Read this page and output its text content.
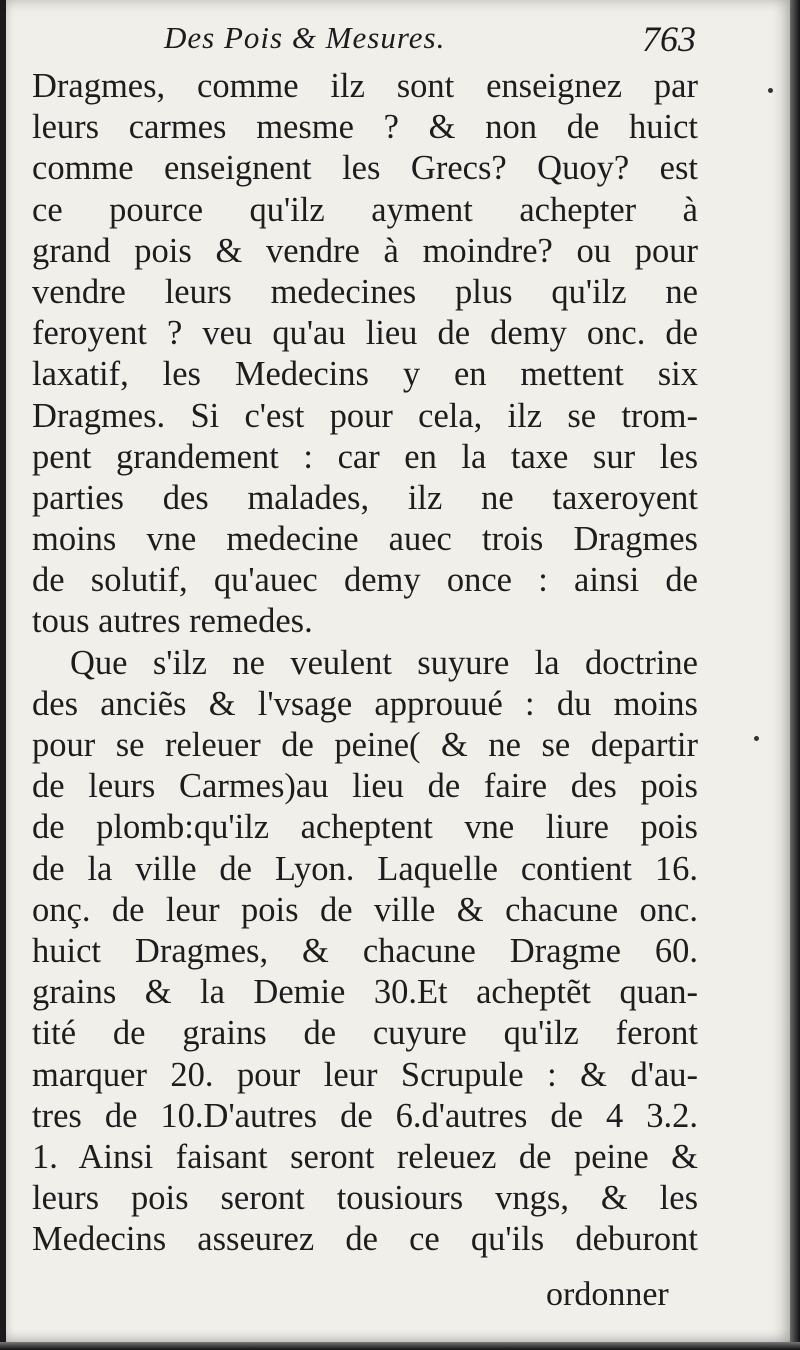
Des Pois & Mesures.	763
Dragmes, comme ilz sont enseignez par
leurs carmes mesme ? & non de huict
comme enseignent les Grecs? Quoy? est
ce pource qu'ilz ayment achepter à
grand pois & vendre à moindre? ou pour
vendre leurs medecines plus qu'ilz ne
feroyent ? veu qu'au lieu de demy onc. de
laxatif, les Medecins y en mettent six
Dragmes. Si c'est pour cela, ilz se trom-
pent grandement : car en la taxe sur les
parties des malades, ilz ne taxeroyent
moins vne medecine auec trois Dragmes
de solutif, qu'auec demy once : ainsi de
tous autres remedes.
Que s'ilz ne veulent suyure la doctrine
des anciẽs & l'vsage approuué : du moins
pour se releuer de peine( & ne se departir
de leurs Carmes)au lieu de faire des pois
de plomb:qu'ilz acheptent vne liure pois
de la ville de Lyon. Laquelle contient 16.
onç. de leur pois de ville & chacune onc.
huict Dragmes, & chacune Dragme 60.
grains & la Demie 30.Et acheptẽt quan-
tité de grains de cuyure qu'ilz feront
marquer 20. pour leur Scrupule : & d'au-
tres de 10.D'autres de 6.d'autres de 4 3.2.
1. Ainsi faisant seront releuez de peine &
leurs pois seront tousiours vngs, & les
Medecins asseurez de ce qu'ils deburont
ordonner
